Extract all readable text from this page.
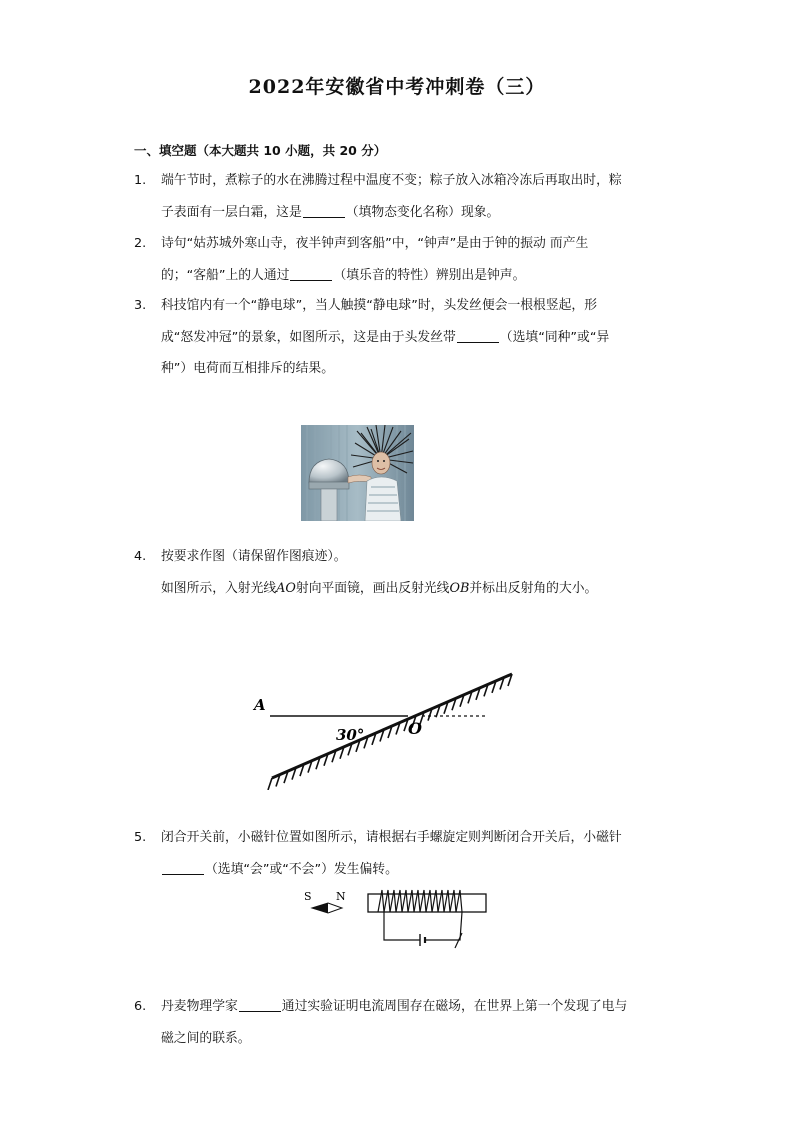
2022年安徽省中考冲刺卷（三）
一、填空题（本大题共 10 小题，共 20 分）
1.	端午节时，煮粽子的水在沸腾过程中温度不变；粽子放入冰箱冷冻后再取出时，粽
子表面有一层白霜，这是	（填物态变化名称）现象。
2.	诗句“姑苏城外寒山寺，夜半钟声到客船”中，“钟声”是由于钟的振动 而产生
的；“客船”上的人通过	（填乐音的特性）辨别出是钟声。
3.	科技馆内有一个“静电球”，当人触摸“静电球”时，头发丝便会一根根竖起，形
成“怒发冲冠”的景象，如图所示，这是由于头发丝带	（选填“同种”或“异
种”）电荷而互相排斥的结果。
4.	按要求作图（请保留作图痕迹）。
如图所示，入射光线AO射向平面镜，画出反射光线OB并标出反射角的大小。
A
30°	O
5.	闭合开关前，小磁针位置如图所示，请根据右手螺旋定则判断闭合开关后，小磁针
（选填“会”或“不会”）发生偏转。
S N
6.	丹麦物理学家	通过实验证明电流周围存在磁场，在世界上第一个发现了电与
磁之间的联系。
